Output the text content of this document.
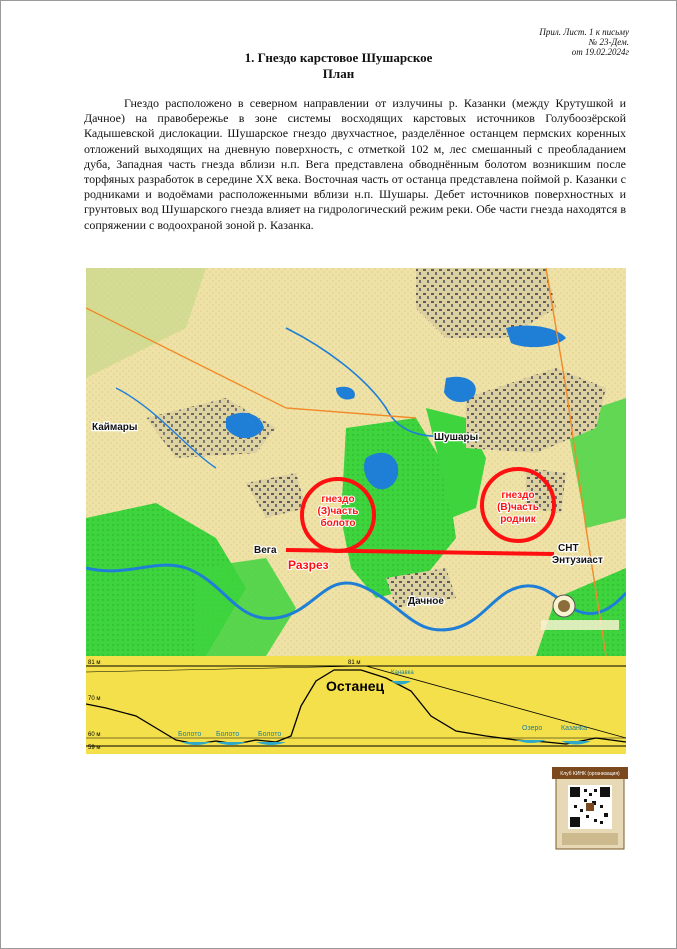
Прил. Лист. 1 к письму
№ 23-Дем.
от 19.02.2024г
1. Гнездо карстовое Шушарское
План

Гнездо расположено в северном направлении от излучины р. Казанки (между Крутушкой и Дачное) на правобережье в зоне системы восходящих карстовых источников Голубоозёрской Кадышевской дислокации. Шушарское гнездо двухчастное, разделённое останцем пермских коренных отложений выходящих на дневную поверхность, с отметкой 102 м, лес смешанный с преобладанием дуба, Западная часть гнезда вблизи н.п. Вега представлена обводнённым болотом возникшим после торфяных разработок в середине XX века. Восточная часть от останца представлена поймой р. Казанки с родниками и водоёмами расположенными вблизи н.п. Шушары. Дебет источников поверхностных и грунтовых вод Шушарского гнезда влияет на гидрологический режим реки. Обе части гнезда находятся в сопряжении с водоохраной зоной р. Казанка.

гнездо
(З)часть
болото
гнездо
(В)часть
родник
Разрез
Каймары
Шушары
Вега
Дачное
СНТ
Энтузиаст
81 м	81 м
70 м
60 м
59 м
Останец
Болото Болото	Болото
Канавка
Озеро	Казанка
Клуб КИНК (организация)
